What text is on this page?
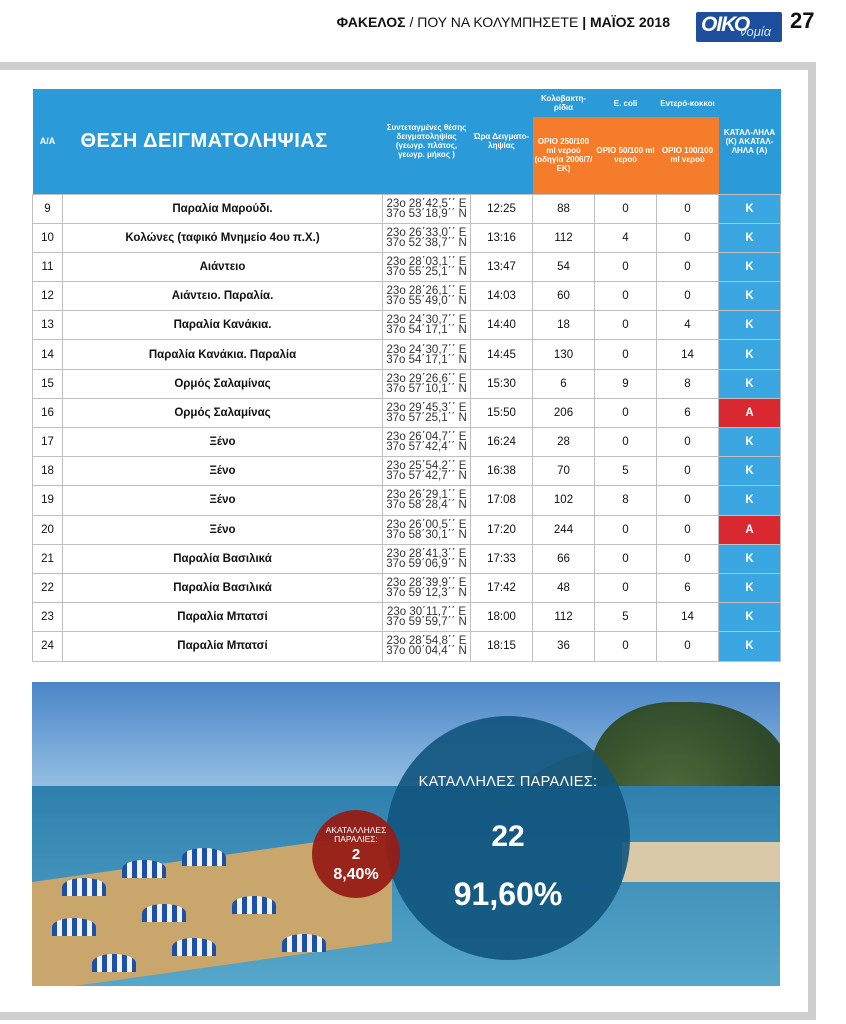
ΦΑΚΕΛΟΣ / ΠΟΥ ΝΑ ΚΟΛΥΜΠΗΣΕΤΕ | ΜΑΪΟΣ 2018 ΟΙΚΟ
νομία 27
Α/Α	ΘΕΣΗ ΔΕΙΓΜΑΤΟΛΗΨΙΑΣ	Συντεταγμένες θέσης δειγματοληψίας (γεωγρ. πλάτος, γεωγρ. μήκος )	Ώρα Δειγματο-ληψίας	Κολοβακτη-ρίδια	E. coli	Εντερό-κοκκοι	ΚΑΤΑΛ-ΛΗΛΑ (Κ) ΑΚΑΤΑΛ-ΛΗΛΑ (Α)
				ΟΡΙΟ 250/100 ml νερού (οδηγία 2006/7/ ΕΚ)	ΟΡΙΟ 50/100 ml νερού	ΟΡΙΟ 100/100 ml νερού	
9	Παραλία Μαρούδι.	23ο 28΄42,5΄΄ Ε
37ο 53΄18,9΄΄ Ν	12:25	88	0	0	Κ
10	Κολώνες (ταφικό Μνημείο 4ου π.Χ.)	23ο 26΄33,0΄΄ Ε
37ο 52΄38,7΄΄ Ν	13:16	112	4	0	Κ
11	Αιάντειο	23ο 28΄03,1΄΄ Ε
37ο 55΄25,1΄΄ Ν	13:47	54	0	0	Κ
12	Αιάντειο. Παραλία.	23ο 28΄26,1΄΄ Ε
37ο 55΄49,0΄΄ Ν	14:03	60	0	0	Κ
13	Παραλία Κανάκια.	23ο 24΄30,7΄΄ Ε
37ο 54΄17,1΄΄ Ν	14:40	18	0	4	Κ
14	Παραλία Κανάκια. Παραλία	23ο 24΄30,7΄΄ Ε
37ο 54΄17,1΄΄ Ν	14:45	130	0	14	Κ
15	Ορμός Σαλαμίνας	23ο 29΄26,6΄΄ Ε
37ο 57΄10,1΄΄ Ν	15:30	6	9	8	Κ
16	Ορμός Σαλαμίνας	23ο 29΄45,3΄΄ Ε
37ο 57΄25,1΄΄ Ν	15:50	206	0	6	Α
17	Ξένο	23ο 26΄04,7΄΄ Ε
37ο 57΄42,4΄΄ Ν	16:24	28	0	0	Κ
18	Ξένο	23ο 25΄54,2΄΄ Ε
37ο 57΄42,7΄΄ Ν	16:38	70	5	0	Κ
19	Ξένο	23ο 26΄29,1΄΄ Ε
37ο 58΄28,4΄΄ Ν	17:08	102	8	0	Κ
20	Ξένο	23ο 26΄00,5΄΄ Ε
37ο 58΄30,1΄΄ Ν	17:20	244	0	0	Α
21	Παραλία Βασιλικά	23ο 28΄41,3΄΄ Ε
37ο 59΄06,9΄΄ Ν	17:33	66	0	0	Κ
22	Παραλία Βασιλικά	23ο 28΄39,9΄΄ Ε
37ο 59΄12,3΄΄ Ν	17:42	48	0	6	Κ
23	Παραλία Μπατσί	23ο 30΄11,7΄΄ Ε
37ο 59΄59,7΄΄ Ν	18:00	112	5	14	Κ
24	Παραλία Μπατσί	23ο 28΄54,8΄΄ Ε
37ο 00΄04,4΄΄ Ν	18:15	36	0	0	Κ
ΚΑΤΑΛΛΗΛΕΣ ΠΑΡΑΛΙΕΣ:
22
91,60%
ΑΚΑΤΑΛΛΗΛΕΣ ΠΑΡΑΛΙΕΣ:
2
8,40%
